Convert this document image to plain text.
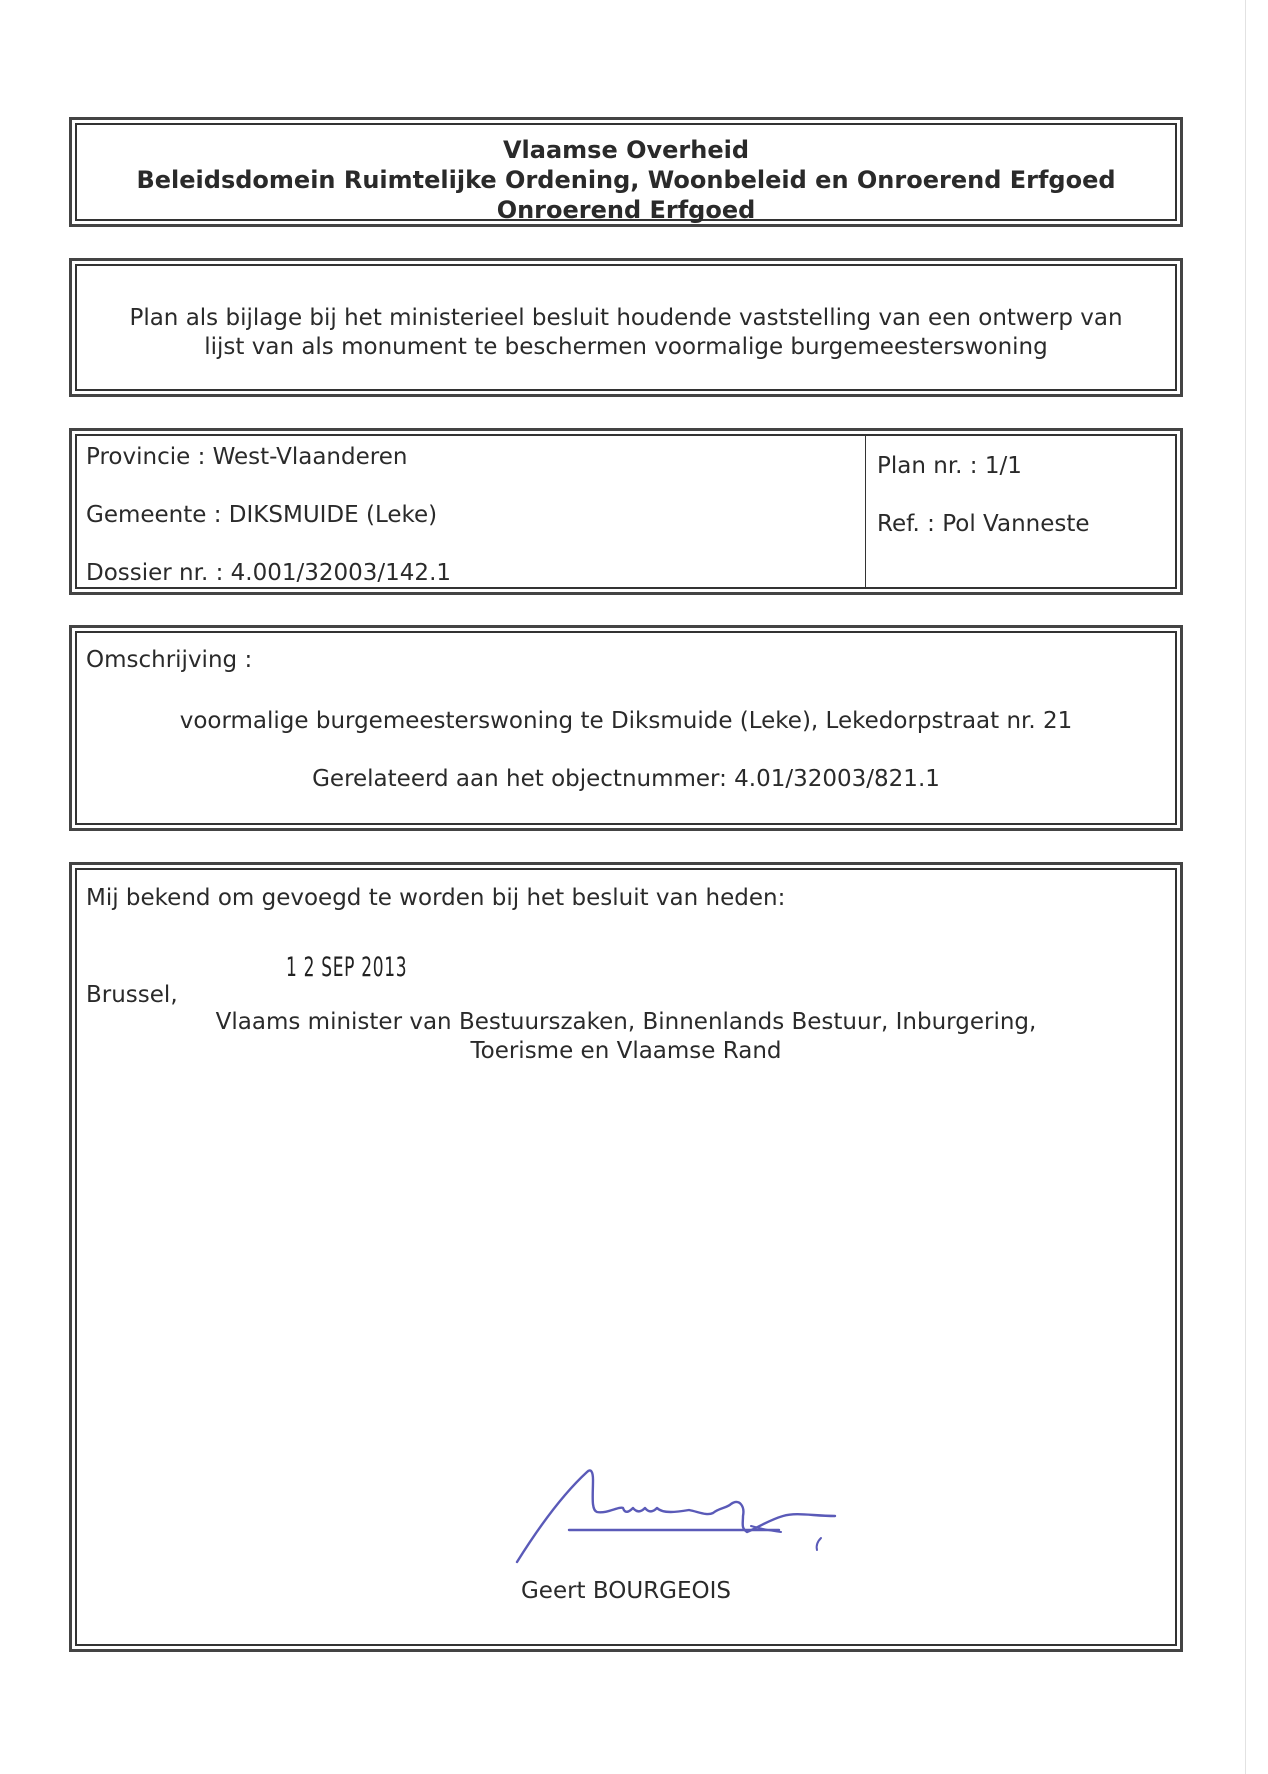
Vlaamse Overheid
Beleidsdomein Ruimtelijke Ordening, Woonbeleid en Onroerend Erfgoed
Onroerend Erfgoed
Plan als bijlage bij het ministerieel besluit houdende vaststelling van een ontwerp van
lijst van als monument te beschermen voormalige burgemeesterswoning
Provincie : West-Vlaanderen
Gemeente : DIKSMUIDE (Leke)
Dossier nr. : 4.001/32003/142.1
Plan nr. : 1/1
Ref. : Pol Vanneste
Omschrijving :
voormalige burgemeesterswoning te Diksmuide (Leke), Lekedorpstraat nr. 21
Gerelateerd aan het objectnummer: 4.01/32003/821.1
Mij bekend om gevoegd te worden bij het besluit van heden:
1 2 SEP 2013
Brussel,
Vlaams minister van Bestuurszaken, Binnenlands Bestuur, Inburgering,
Toerisme en Vlaamse Rand
Geert BOURGEOIS
